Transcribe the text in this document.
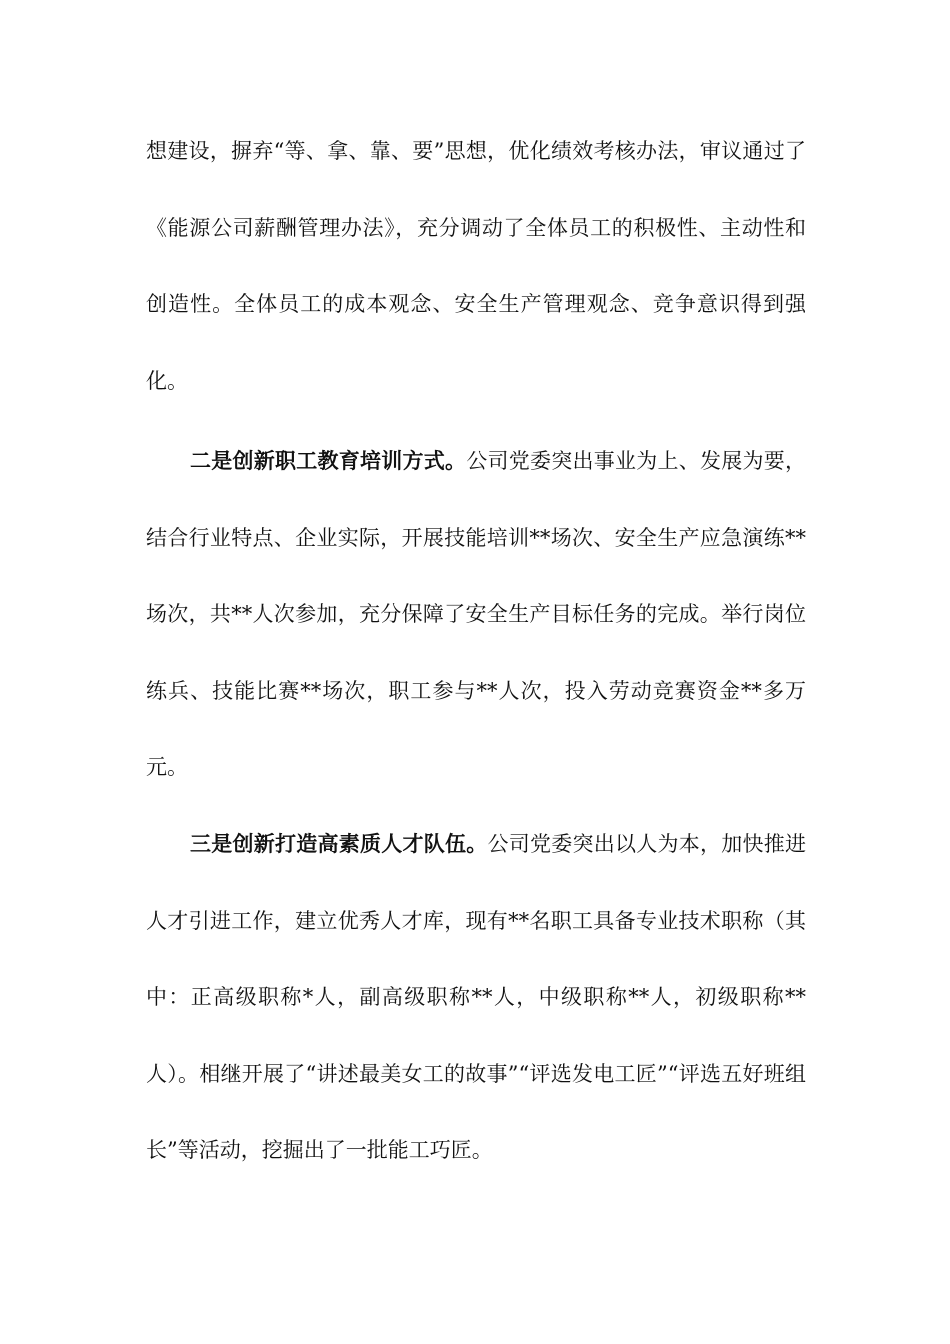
想建设，摒弃“等、拿、靠、要”思想，优化绩效考核办法，审议通过了《能源公司薪酬管理办法》，充分调动了全体员工的积极性、主动性和创造性。全体员工的成本观念、安全生产管理观念、竞争意识得到强化。

二是创新职工教育培训方式。公司党委突出事业为上、发展为要，结合行业特点、企业实际，开展技能培训**场次、安全生产应急演练**场次，共**人次参加，充分保障了安全生产目标任务的完成。举行岗位练兵、技能比赛**场次，职工参与**人次，投入劳动竞赛资金**多万元。

三是创新打造高素质人才队伍。公司党委突出以人为本，加快推进人才引进工作，建立优秀人才库，现有**名职工具备专业技术职称（其中：正高级职称*人，副高级职称**人，中级职称**人，初级职称**人）。相继开展了“讲述最美女工的故事”“评选发电工匠”“评选五好班组长”等活动，挖掘出了一批能工巧匠。
